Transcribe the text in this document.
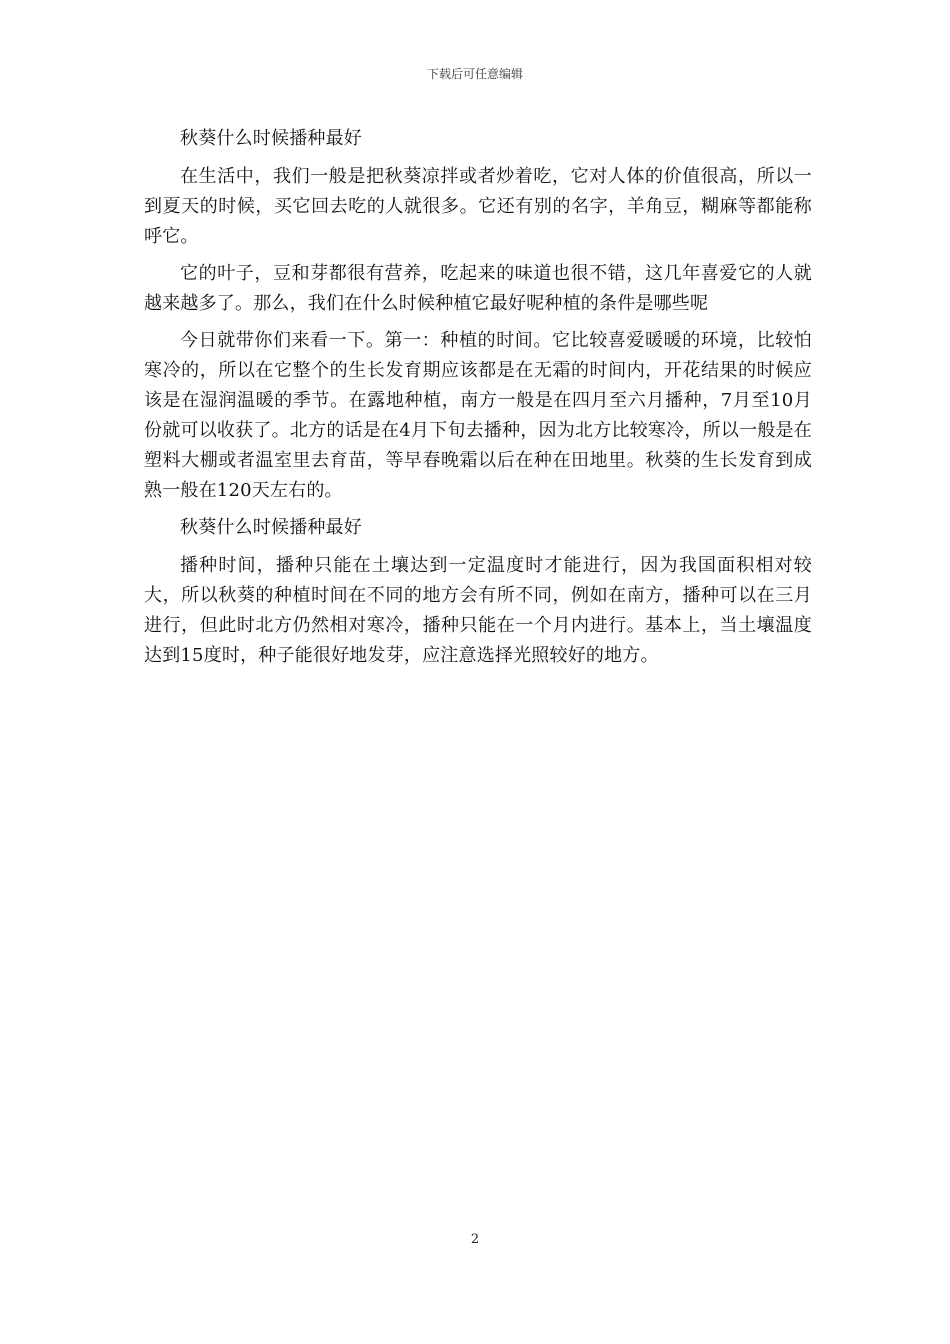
下载后可任意编辑

秋葵什么时候播种最好

在生活中，我们一般是把秋葵凉拌或者炒着吃，它对人体的价值很高，所以一到夏天的时候，买它回去吃的人就很多。它还有别的名字，羊角豆，糊麻等都能称呼它。

它的叶子，豆和芽都很有营养，吃起来的味道也很不错，这几年喜爱它的人就越来越多了。那么，我们在什么时候种植它最好呢种植的条件是哪些呢

今日就带你们来看一下。第一：种植的时间。它比较喜爱暖暖的环境，比较怕寒冷的，所以在它整个的生长发育期应该都是在无霜的时间内，开花结果的时候应该是在湿润温暖的季节。在露地种植，南方一般是在四月至六月播种，7月至10月份就可以收获了。北方的话是在4月下旬去播种，因为北方比较寒冷，所以一般是在塑料大棚或者温室里去育苗，等早春晚霜以后在种在田地里。秋葵的生长发育到成熟一般在120天左右的。

秋葵什么时候播种最好

播种时间，播种只能在土壤达到一定温度时才能进行，因为我国面积相对较大，所以秋葵的种植时间在不同的地方会有所不同，例如在南方，播种可以在三月进行，但此时北方仍然相对寒冷，播种只能在一个月内进行。基本上，当土壤温度达到15度时，种子能很好地发芽，应注意选择光照较好的地方。

2
